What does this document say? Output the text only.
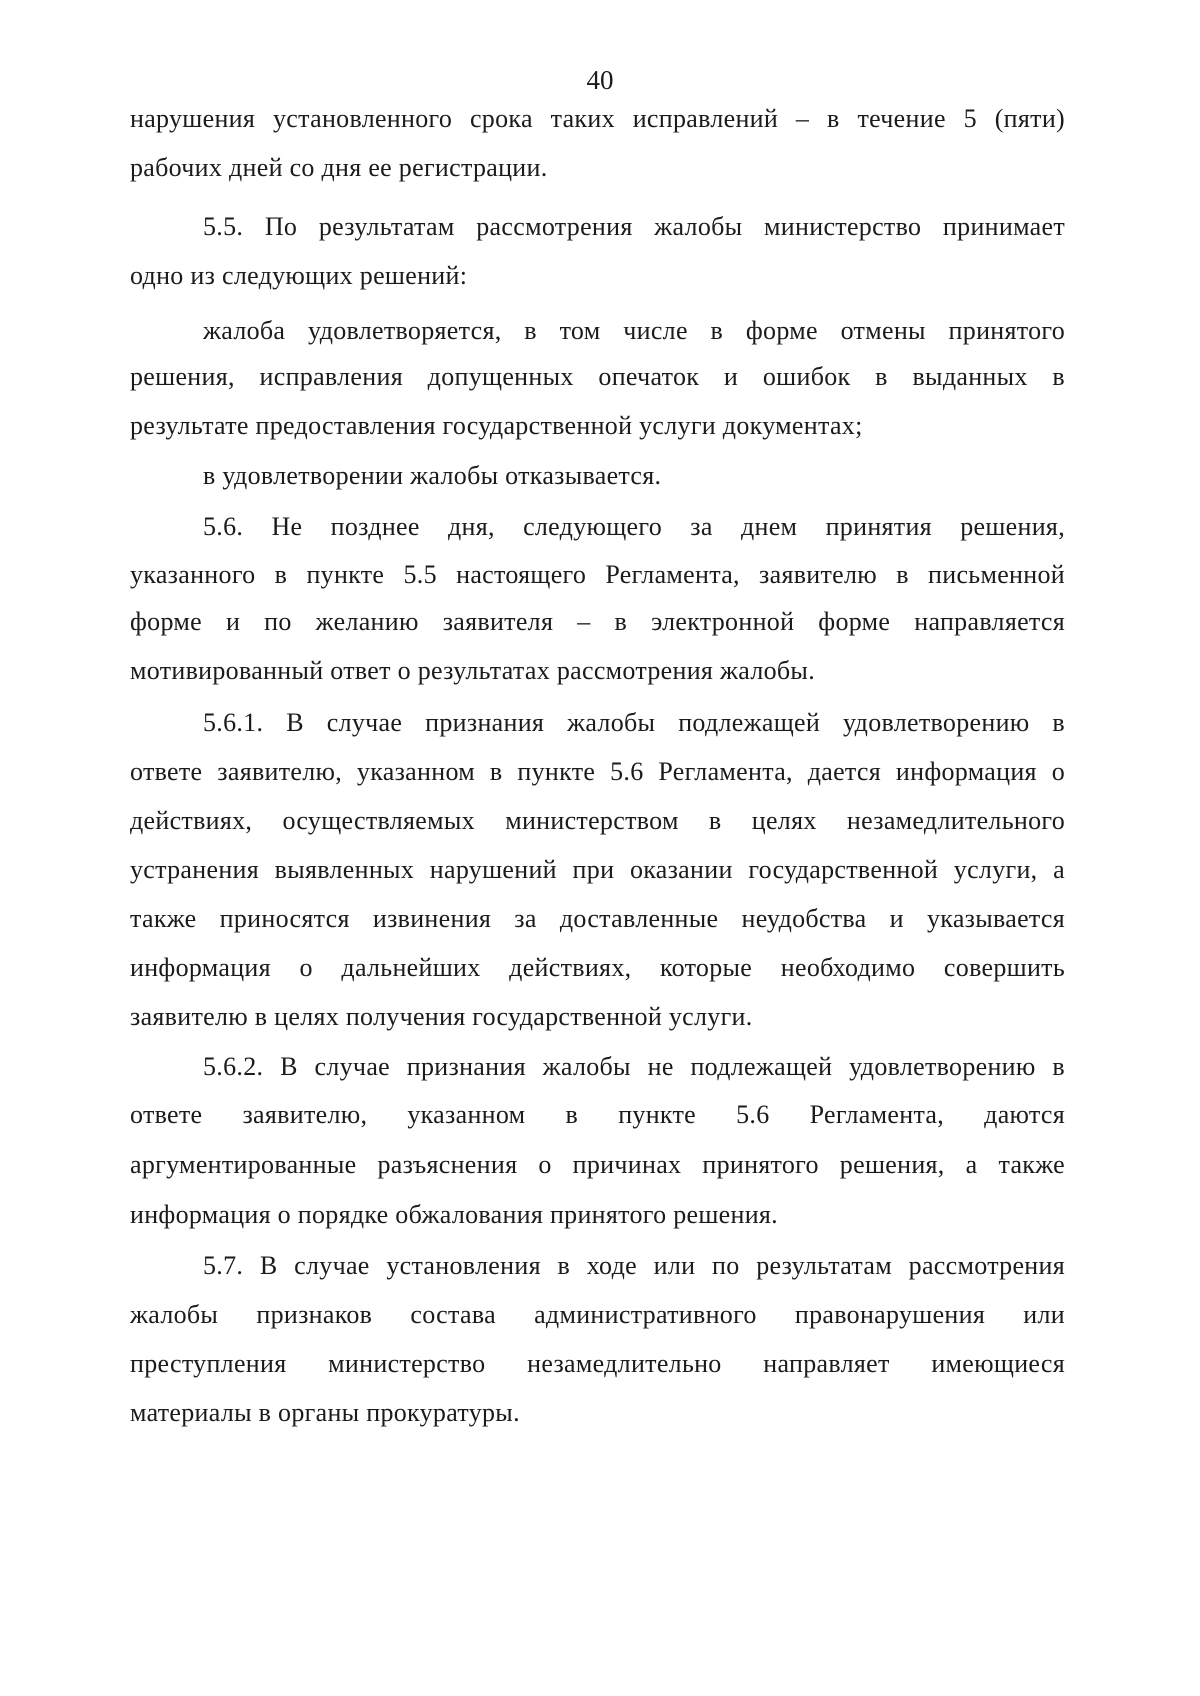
40
нарушения установленного срока таких исправлений – в течение 5 (пяти)
рабочих дней со дня ее регистрации.
5.5. По результатам рассмотрения жалобы министерство принимает
одно из следующих решений:
жалоба удовлетворяется, в том числе в форме отмены принятого
решения, исправления допущенных опечаток и ошибок в выданных в
результате предоставления государственной услуги документах;
в удовлетворении жалобы отказывается.
5.6. Не позднее дня, следующего за днем принятия решения,
указанного в пункте 5.5 настоящего Регламента, заявителю в письменной
форме и по желанию заявителя – в электронной форме направляется
мотивированный ответ о результатах рассмотрения жалобы.
5.6.1. В случае признания жалобы подлежащей удовлетворению в
ответе заявителю, указанном в пункте 5.6 Регламента, дается информация о
действиях, осуществляемых министерством в целях незамедлительного
устранения выявленных нарушений при оказании государственной услуги, а
также приносятся извинения за доставленные неудобства и указывается
информация о дальнейших действиях, которые необходимо совершить
заявителю в целях получения государственной услуги.
5.6.2. В случае признания жалобы не подлежащей удовлетворению в
ответе заявителю, указанном в пункте 5.6 Регламента, даются
аргументированные разъяснения о причинах принятого решения, а также
информация о порядке обжалования принятого решения.
5.7. В случае установления в ходе или по результатам рассмотрения
жалобы признаков состава административного правонарушения или
преступления министерство незамедлительно направляет имеющиеся
материалы в органы прокуратуры.
